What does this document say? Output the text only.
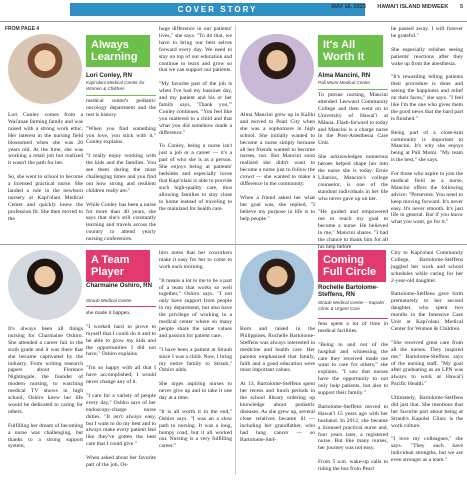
COVER STORY	MAY 16, 2023 HAWAI'I ISLAND MIDWEEK 5
FROM PAGE 4
Always Learning
Lori Conley, RN
Kapi'olani Medical Center for Women & Children

Lori Conley comes from a Wai'anae farming family and was raised with a strong work ethic. Her interest in the nursing field blossomed when she was 20 years old. At the time, she was working a retail job but realized it wasn't the path for her.

So, she went to school to become a licensed practical nurse. She landed a role in the newborn nursery at Kapi'olani Medical Center and quickly knew the profession fit. She then moved to the

medical center's pediatric oncology department and the rest is history.

"When you find something you love, you stick with it," Conley explains.

"I really enjoy working with the kids and the families. You see them during the most challenging times and you find out how strong and resilient children really are."

While Conley has been a nurse for more than 40 years, she says that she's still constantly learning and travels across the country to attend yearly nursing conferences.

huge difference in our patients' lives," she says. "To do that, we have to bring our best selves forward every day. We need to stay on top of our education and continue to learn and grow so that we can support our patients.

"My favorite part of the job is when I've had my bassinet day, and my patient and his or her family says, 'Thank you,'" Conley continues. "You feel like you mattered to a child and that what you did somehow made a difference."

To Conley, being a nurse isn't just a job or a career — it's a part of who she is as a person. She enjoys being at patients' bedsides and especially loves that Kapi'olani is able to provide such high-quality care, thus allowing families to stay close to home instead of traveling to the mainland for health care.

It's All Worth It
Alma Mancini, RN
Pali Momi Medical Center

Alma Mancini grew up in Kalihi and moved to Pearl City when she was a sophomore in high school. She initially wanted to become a nurse simply because all her friends wanted to become nurses, too. But Mancini soon realized she didn't want to become a nurse just to follow the crowd — she wanted to make a difference in the community.

When a friend asked her what her goal was, she replied, "I believe my purpose in life is to help people."

To pursue nursing, Mancini attended Leeward Community College and then went on to University of Hawai'i at Mānoa. Flash-forward to today and Mancini is a charge nurse in the Post-Anesthesia Care Unit.

She acknowledges numerous heroes helped shape her into the nurse she is today. Ernie Libarios, Mancini's college counselor, is one of the standout individuals in her life who never gave up on her.

"He guided and empowered me to reach my goal to become a nurse. He believed in me," Mancini shares. "I had the chance to thank him for all his help before

he passed away. I will forever be grateful."

She especially relishes seeing patients' reactions after they wake up from the anesthesia.

"It's rewarding telling patients their procedure is done and seeing the happiness and relief on their faces," she says. "I feel like I'm the one who gives them the good news that the hard part is finished."

Being part of a close-knit community is important to Mancini. It's why she enjoys being at Pali Momi. "My team is the best," she says.

For those who aspire to join the medical field as a nurse, Mancini offers the following advice: "Persevere. You need to keep moving forward. It's never easy. It's never smooth. It's just life in general. But if you know what you want, go for it."

A Team Player
Charmaine Oshiro, RN
Straub Medical Center

It's always been all things nursing for Charmaine Oshiro. She attended a career fair in the sixth grade and it was there that she became captivated by the industry. From writing research papers about Florence Nightingale, the founder of modern nursing, to watching medical TV shows in high school, Oshiro knew her life would be dedicated to caring for others.

Fulfilling her dream of becoming a nurse was challenging, but thanks to a strong support system,

she made it happen.

"I worked hard to prove to myself that I could do it and to be able to grow my kids and the opportunities I did not have," Oshiro explains.

"I'm so happy with all that I have accomplished; I would never change any of it.

"I care for a variety of people every day," Oshiro says of her endoscopy-charge nurse duties. "It isn't always easy, but I want to do my best and to always make every patient feel like they've gotten the best care that I could give."

When asked about her favorite part of the job, Os-

hiro notes that her coworkers make it easy for her to come to work each morning.

"It means a lot to me to be a part of a team that works so well together," Oshiro says. "I not only have support from people in my department, but also have the privilege of working in a medical center where so many people share the same values and passion for patient care.

"I have been a patient at Straub since I was a child. Now, I bring my entire family to Straub," Oshiro adds.

She urges aspiring nurses to never give up and to take it one day at a time.

"It is all worth it in the end," Oshiro says. "I was an a slow path to nursing. It was a long, bumpy road, but it all worked out. Nursing is a very fulfilling career."

Coming Full Circle
Rochelle Bartolome-Steffens, RN
Straub Medical Center – Kapolei Clinic & Urgent Care

Born and raised in the Philippines, Rochelle Bartolome-Steffens was always interested in medicine and health care. Her parents emphasized that family, faith and a good education were most important values.

At 13, Bartolome-Steffens spent her recess and lunch periods in the school library ordering up knowledge about pediatric diseases. As she grew up, several close relatives became ill — including her grandfather, who had lung cancer — so Bartolome-Stef-

fens spent a lot of time in medical facilities.

"Being in and out of the hospital and witnessing the care they received made me want to care for others," she explains. "I saw that nurses have the opportunity to not only help patients, but also to support their family."

Bartolome-Steffens moved to Hawai'i 15 years ago with her husband. In 2012, she became a licensed practical nurse and, four years later, a registered nurse. But like many nurses, her journey was not easy.

From 5 a.m. wake-up calls to riding the bus from Pearl

City to Kapi'olani Community College, Bartolome-Steffens juggled her work and school schedules while caring for her 2-year-old daughter.

Bartolome-Steffens gave birth prematurely to her second daughter, who spent two months in the Intensive Care Unit at Kapi'olani Medical Center for Women & Children.

"She received great care from all the nurses. They inspired me," Bartolome-Steffens says of the nursing staff. "My goal after graduating as an LPN was always to work at Hawai'i Pacific Health."

Ultimately, Bartolome-Steffens did just that. She mentions that her favorite part about being at Straub's Kapolei Clinic is the work culture.

"I love my colleagues," she says. "They each have individual strengths, but we are even stronger as a team."
